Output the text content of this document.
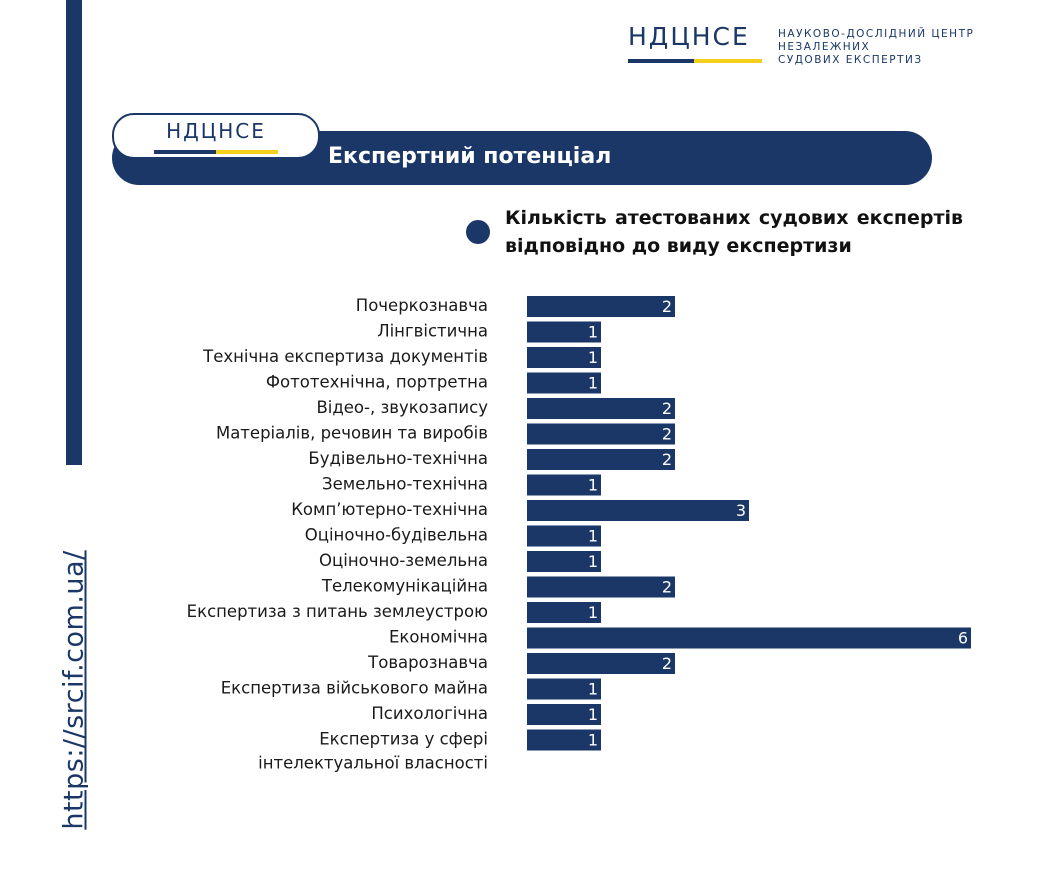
https://srcif.com.ua/
НДЦНСЕ	НАУКОВО-ДОСЛІДНИЙ ЦЕНТР
НЕЗАЛЕЖНИХ
СУДОВИХ ЕКСПЕРТИЗ
Експертний потенціал
НДЦНСЕ
Кількість атестованих судових експертів відповідно до виду експертизи
2
Почеркознавча
1
Лінгвістична
1
Технічна експертиза документів
1
Фототехнічна, портретна
2
Відео-, звукозапису
2
Матеріалів, речовин та виробів
2
Будівельно-технічна
1
Земельно-технічна
3
Комп’ютерно-технічна
1
Оціночно-будівельна
1
Оціночно-земельна
2
Телекомунікаційна
1
Експертиза з питань землеустрою
6
Економічна
2
Товарознавча
1
Експертиза військового майна
1
Психологічна
1
Експертиза у сфері інтелектуальної власності
